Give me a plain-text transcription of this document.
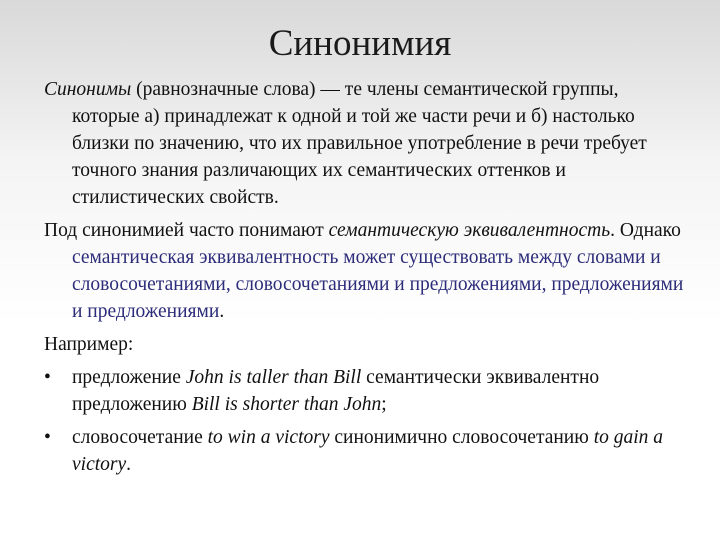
Синонимия

Синонимы (равнозначные слова) — те члены семантической группы, которые а) принадлежат к одной и той же части речи и б) настолько близки по значению, что их правильное употребление в речи требует точного знания различающих их семантических оттенков и стилистических свойств.

Под синонимией часто понимают семантическую эквивалентность. Однако семантическая эквивалентность может существовать между словами и словосочетаниями, словосочетаниями и предложениями, предложениями и предложениями.

Например:

•	предложение John is taller than Bill семантически эквивалентно предложению Bill is shorter than John;
•	словосочетание to win a victory синонимично словосочетанию to gain a victory.
